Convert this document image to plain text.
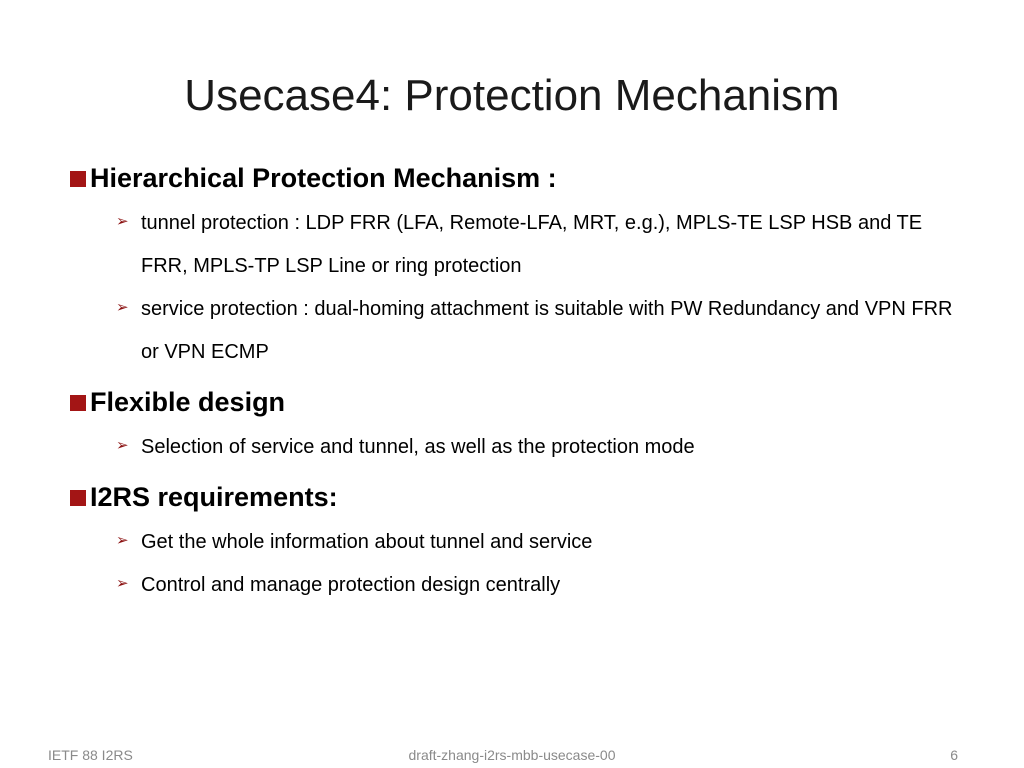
Usecase4: Protection Mechanism
Hierarchical Protection Mechanism :
➢ tunnel protection : LDP FRR (LFA, Remote-LFA, MRT, e.g.), MPLS-TE LSP HSB and TE FRR, MPLS-TP LSP Line or ring protection
➢ service protection : dual-homing attachment is suitable with PW Redundancy and VPN FRR or VPN ECMP
Flexible design
➢ Selection of service and tunnel, as well as the protection mode
I2RS requirements:
➢ Get the whole information about tunnel and service
➢ Control and manage protection design centrally
IETF 88 I2RS	draft-zhang-i2rs-mbb-usecase-00	6
